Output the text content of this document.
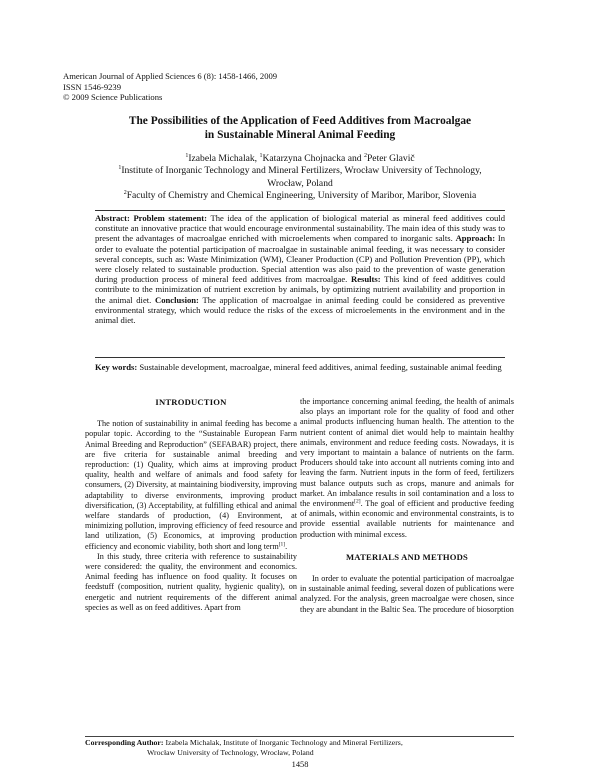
American Journal of Applied Sciences 6 (8): 1458-1466, 2009
ISSN 1546-9239
© 2009 Science Publications
The Possibilities of the Application of Feed Additives from Macroalgae
in Sustainable Mineral Animal Feeding
$^1$Izabela Michalak, $^1$Katarzyna Chojnacka and $^2$Peter Glavič
$^1$Institute of Inorganic Technology and Mineral Fertilizers, Wrocław University of Technology,
Wrocław, Poland
$^2$Faculty of Chemistry and Chemical Engineering, University of Maribor, Maribor, Slovenia
Abstract: Problem statement: The idea of the application of biological material as mineral feed additives could constitute an innovative practice that would encourage environmental sustainability. The main idea of this study was to present the advantages of macroalgae enriched with microelements when compared to inorganic salts. Approach: In order to evaluate the potential participation of macroalgae in sustainable animal feeding, it was necessary to consider several concepts, such as: Waste Minimization (WM), Cleaner Production (CP) and Pollution Prevention (PP), which were closely related to sustainable production. Special attention was also paid to the prevention of waste generation during production process of mineral feed additives from macroalgae. Results: This kind of feed additives could contribute to the minimization of nutrient excretion by animals, by optimizing nutrient availability and proportion in the animal diet. Conclusion: The application of macroalgae in animal feeding could be considered as preventive environmental strategy, which would reduce the risks of the excess of microelements in the environment and in the animal diet.
Key words: Sustainable development, macroalgae, mineral feed additives, animal feeding, sustainable animal feeding
INTRODUCTION

The notion of sustainability in animal feeding has become a popular topic. According to the “Sustainable European Farm Animal Breeding and Reproduction” (SEFABAR) project, there are five criteria for sustainable animal breeding and reproduction: (1) Quality, which aims at improving product quality, health and welfare of animals and food safety for consumers, (2) Diversity, at maintaining biodiversity, improving adaptability to diverse environments, improving product diversification, (3) Acceptability, at fulfilling ethical and animal welfare standards of production, (4) Environment, at minimizing pollution, improving efficiency of feed resource and land utilization, (5) Economics, at improving production efficiency and economic viability, both short and long term[1].

In this study, three criteria with reference to sustainability were considered: the quality, the environment and economics. Animal feeding has influence on food quality. It focuses on feedstuff (composition, nutrient quality, hygienic quality), on energetic and nutrient requirements of the different animal species as well as on feed additives. Apart from

the importance concerning animal feeding, the health of animals also plays an important role for the quality of food and other animal products influencing human health. The attention to the nutrient content of animal diet would help to maintain healthy animals, environment and reduce feeding costs. Nowadays, it is very important to maintain a balance of nutrients on the farm. Producers should take into account all nutrients coming into and leaving the farm. Nutrient inputs in the form of feed, fertilizers must balance outputs such as crops, manure and animals for market. An imbalance results in soil contamination and a loss to the environment[2]. The goal of efficient and productive feeding of animals, within economic and environmental constraints, is to provide essential available nutrients for maintenance and production with minimal excess.

MATERIALS AND METHODS

In order to evaluate the potential participation of macroalgae in sustainable animal feeding, several dozen of publications were analyzed. For the analysis, green macroalgae were chosen, since they are abundant in the Baltic Sea. The procedure of biosorption

Corresponding Author: Izabela Michalak, Institute of Inorganic Technology and Mineral Fertilizers,
Wrocław University of Technology, Wrocław, Poland
1458
